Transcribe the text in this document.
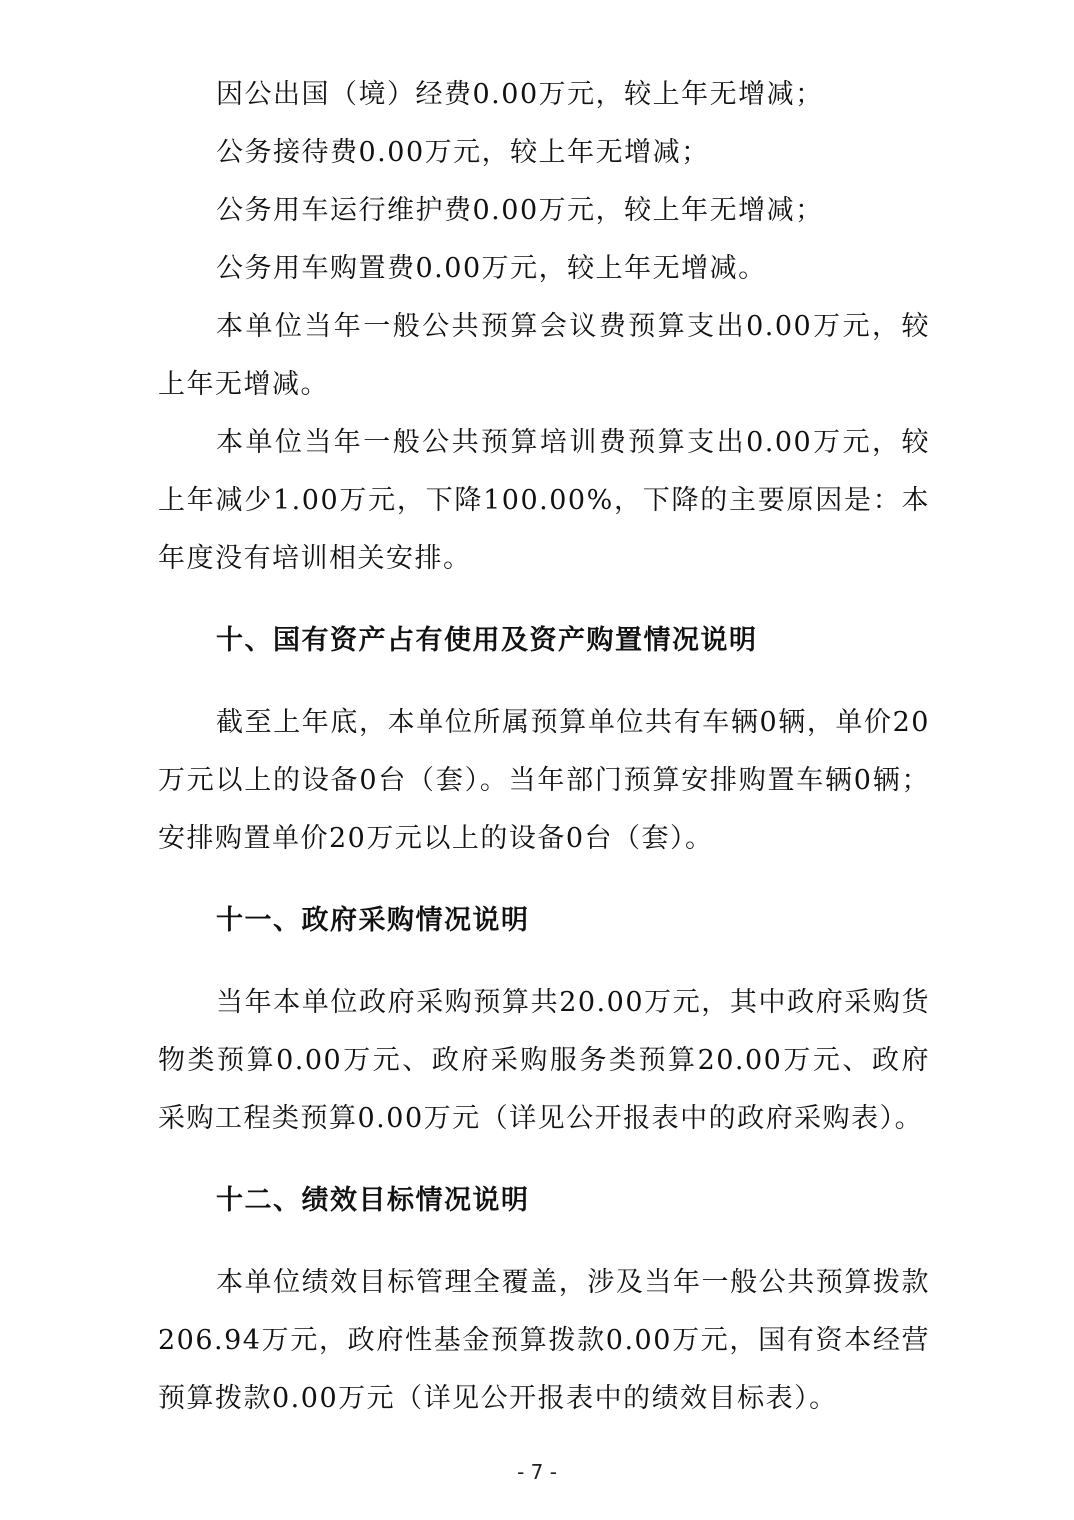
因公出国（境）经费0.00万元，较上年无增减；

公务接待费0.00万元，较上年无增减；

公务用车运行维护费0.00万元，较上年无增减；

公务用车购置费0.00万元，较上年无增减。

本单位当年一般公共预算会议费预算支出0.00万元，较上年无增减。

本单位当年一般公共预算培训费预算支出0.00万元，较上年减少1.00万元，下降100.00%，下降的主要原因是：本年度没有培训相关安排。

十、国有资产占有使用及资产购置情况说明

截至上年底，本单位所属预算单位共有车辆0辆，单价20万元以上的设备0台（套）。当年部门预算安排购置车辆0辆；安排购置单价20万元以上的设备0台（套）。

十一、政府采购情况说明

当年本单位政府采购预算共20.00万元，其中政府采购货物类预算0.00万元、政府采购服务类预算20.00万元、政府采购工程类预算0.00万元（详见公开报表中的政府采购表）。

十二、绩效目标情况说明

本单位绩效目标管理全覆盖，涉及当年一般公共预算拨款206.94万元，政府性基金预算拨款0.00万元，国有资本经营预算拨款0.00万元（详见公开报表中的绩效目标表）。

- 7 -
